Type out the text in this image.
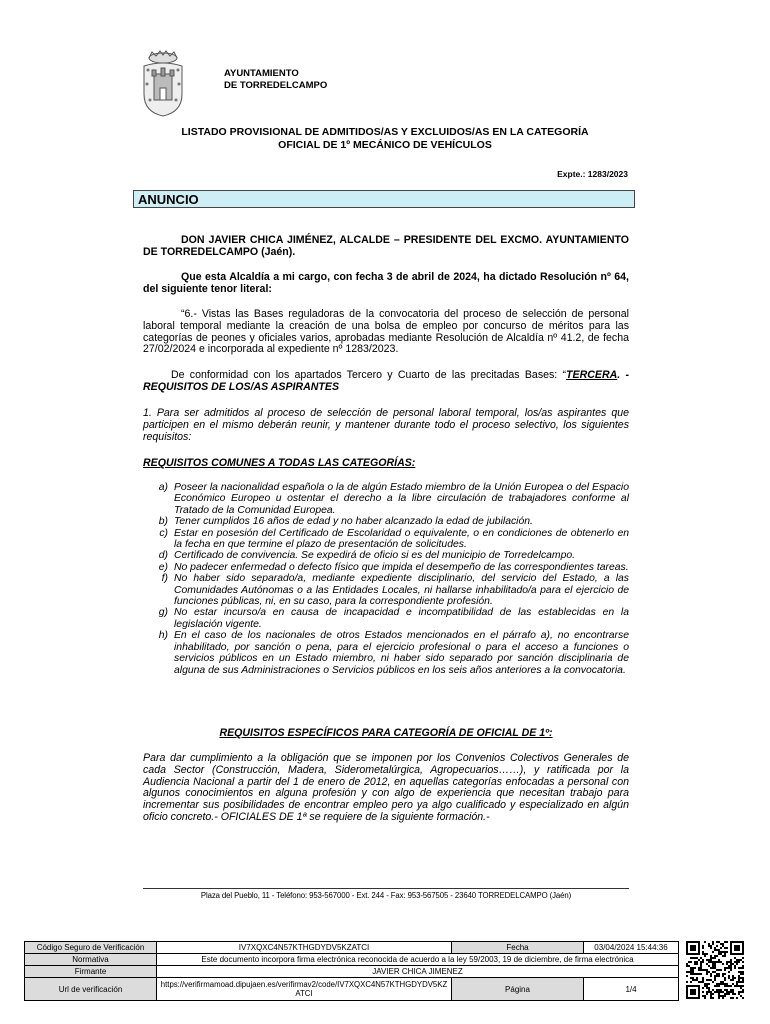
AYUNTAMIENTO
DE TORREDELCAMPO
LISTADO PROVISIONAL DE ADMITIDOS/AS Y EXCLUIDOS/AS EN LA CATEGORÍA
OFICIAL DE 1º MECÁNICO DE VEHÍCULOS
Expte.: 1283/2023
ANUNCIO
DON JAVIER CHICA JIMÉNEZ, ALCALDE – PRESIDENTE DEL EXCMO. AYUNTAMIENTO DE TORREDELCAMPO (Jaén).
Que esta Alcaldía a mi cargo, con fecha 3 de abril de 2024, ha dictado Resolución nº 64, del siguiente tenor literal:
“6.- Vistas las Bases reguladoras de la convocatoria del proceso de selección de personal laboral temporal mediante la creación de una bolsa de empleo por concurso de méritos para las categorías de peones y oficiales varios, aprobadas mediante Resolución de Alcaldía nº 41.2, de fecha 27/02/2024 e incorporada al expediente nº 1283/2023.
De conformidad con los apartados Tercero y Cuarto de las precitadas Bases: “TERCERA. - REQUISITOS DE LOS/AS ASPIRANTES
1. Para ser admitidos al proceso de selección de personal laboral temporal, los/as aspirantes que participen en el mismo deberán reunir, y mantener durante todo el proceso selectivo, los siguientes requisitos:
REQUISITOS COMUNES A TODAS LAS CATEGORÍAS:
a) Poseer la nacionalidad española o la de algún Estado miembro de la Unión Europea o del Espacio Económico Europeo u ostentar el derecho a la libre circulación de trabajadores conforme al Tratado de la Comunidad Europea.
b) Tener cumplidos 16 años de edad y no haber alcanzado la edad de jubilación.
c) Estar en posesión del Certificado de Escolaridad o equivalente, o en condiciones de obtenerlo en la fecha en que termine el plazo de presentación de solicitudes.
d) Certificado de convivencia. Se expedirá de oficio si es del municipio de Torredelcampo.
e) No padecer enfermedad o defecto físico que impida el desempeño de las correspondientes tareas.
f) No haber sido separado/a, mediante expediente disciplinario, del servicio del Estado, a las Comunidades Autónomas o a las Entidades Locales, ni hallarse inhabilitado/a para el ejercicio de funciones públicas, ni, en su caso, para la correspondiente profesión.
g) No estar incurso/a en causa de incapacidad e incompatibilidad de las establecidas en la legislación vigente.
h) En el caso de los nacionales de otros Estados mencionados en el párrafo a), no encontrarse inhabilitado, por sanción o pena, para el ejercicio profesional o para el acceso a funciones o servicios públicos en un Estado miembro, ni haber sido separado por sanción disciplinaria de alguna de sus Administraciones o Servicios públicos en los seis años anteriores a la convocatoria.
REQUISITOS ESPECÍFICOS PARA CATEGORÍA DE OFICIAL DE 1º:
Para dar cumplimiento a la obligación que se imponen por los Convenios Colectivos Generales de cada Sector (Construcción, Madera, Siderometalúrgica, Agropecuarios……), y ratificada por la Audiencia Nacional a partir del 1 de enero de 2012, en aquellas categorías enfocadas a personal con algunos conocimientos en alguna profesión y con algo de experiencia que necesitan trabajo para incrementar sus posibilidades de encontrar empleo pero ya algo cualificado y especializado en algún oficio concreto.- OFICIALES DE 1ª se requiere de la siguiente formación.-
Plaza del Pueblo, 11 - Teléfono: 953-567000 - Ext. 244 - Fax: 953-567505 - 23640 TORREDELCAMPO (Jaén)
Código Seguro de Verificación	IV7XQXC4N57KTHGDYDV5KZATCI	Fecha	03/04/2024 15:44:36
Normativa	Este documento incorpora firma electrónica reconocida de acuerdo a la ley 59/2003, 19 de diciembre, de firma electrónica		
Firmante	JAVIER CHICA JIMENEZ		
Url de verificación	https://verifirmamoad.dipujaen.es/verifirmav2/code/IV7XQXC4N57KTHGDYDV5KZATCI	Página	1/4
